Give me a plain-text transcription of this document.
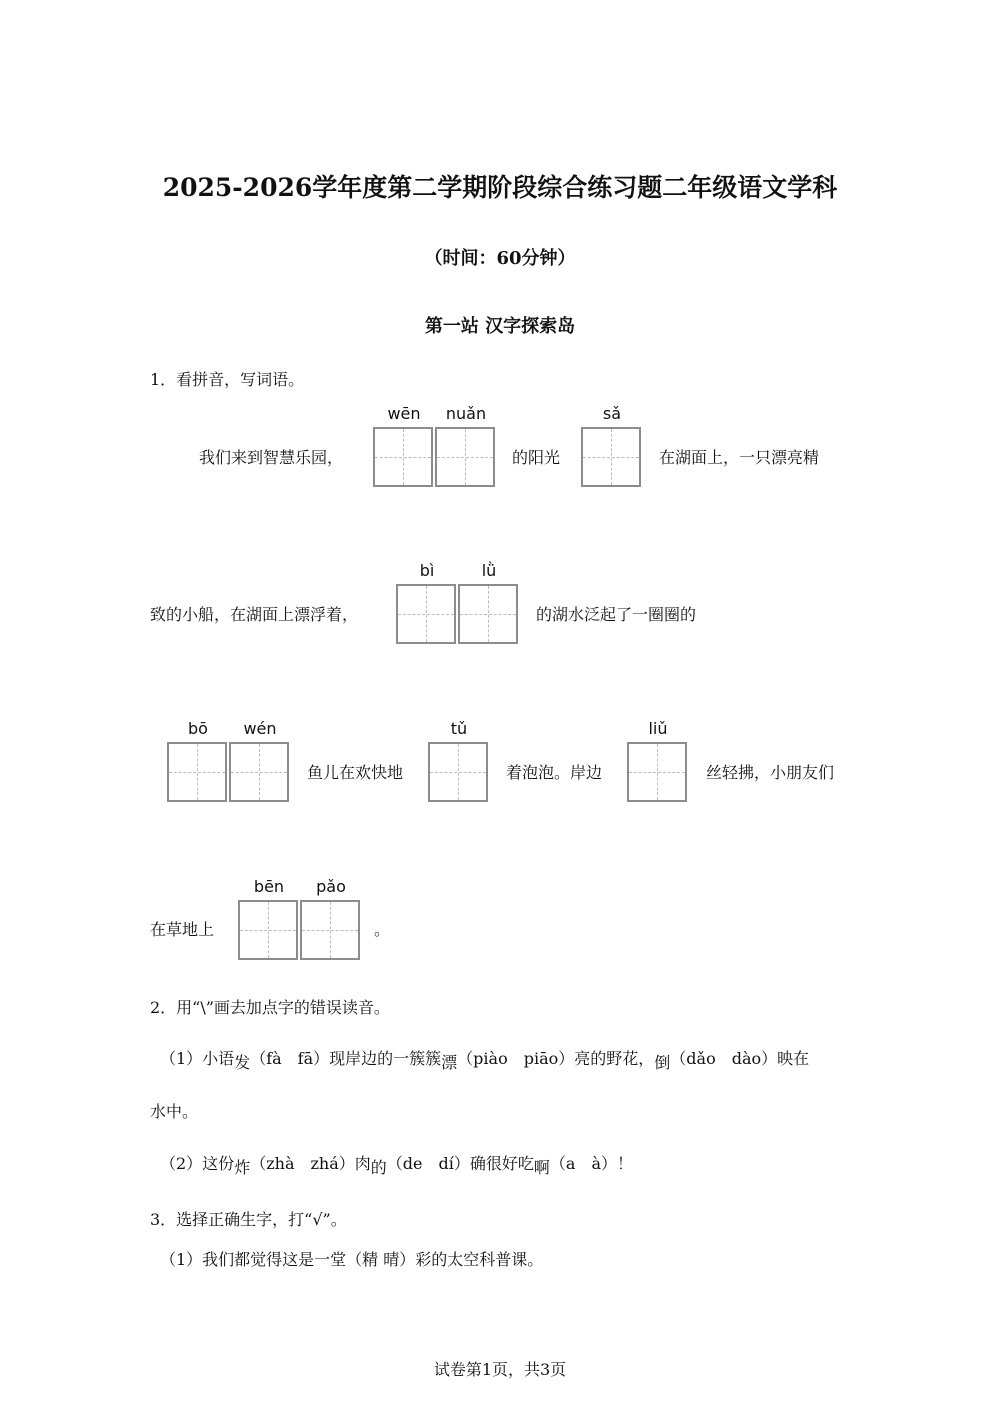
2025-2026学年度第二学期阶段综合练习题二年级语文学科
（时间：60分钟）
第一站 汉字探索岛
1．看拼音，写词语。
wēn	nuǎn	sǎ
我们来到智慧乐园，	的阳光	在湖面上，一只漂亮精
bì	lǜ
致的小船，在湖面上漂浮着，	的湖水泛起了一圈圈的
bō	wén	tǔ	liǔ
鱼儿在欢快地	着泡泡。岸边	丝轻拂，小朋友们
bēn	pǎo
在草地上	。
2．用“\”画去加点字的错误读音。
（1）小语发（fà　fā）现岸边的一簇簇漂（piào　piāo）亮的野花，倒（dǎo　dào）映在
水中。
（2）这份炸（zhà　zhá）肉的（de　dí）确很好吃啊（a　à）！
3．选择正确生字，打“√”。
（1）我们都觉得这是一堂（精 晴）彩的太空科普课。
试卷第1页，共3页
